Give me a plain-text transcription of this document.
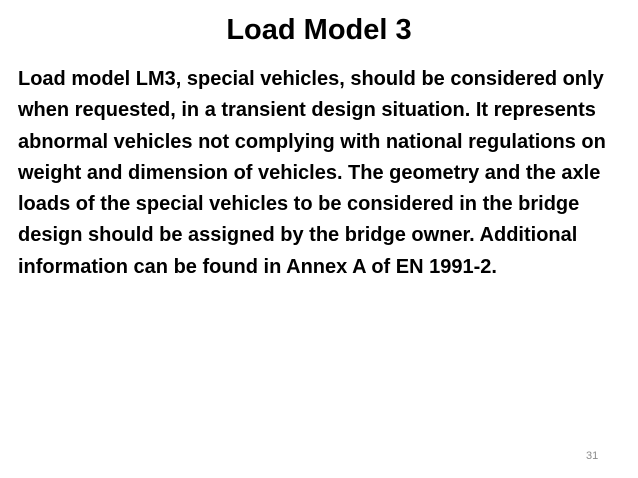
Load Model 3

Load model LM3, special vehicles, should be considered only when requested, in a transient design situation. It represents abnormal vehicles not complying with national regulations on weight and dimension of vehicles. The geometry and the axle loads of the special vehicles to be considered in the bridge design should be assigned by the bridge owner. Additional information can be found in Annex A of EN 1991-2.

31
